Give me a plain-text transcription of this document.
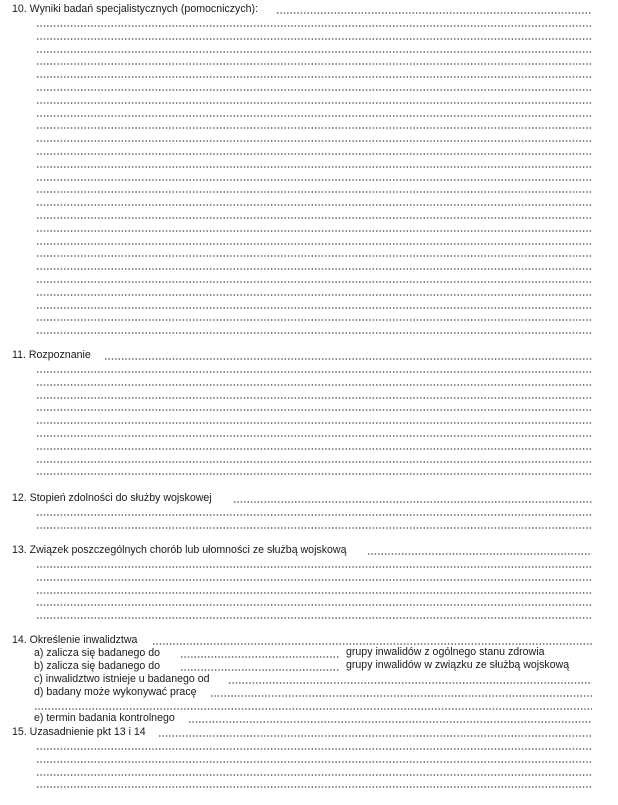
10. Wyniki badań specjalistycznych (pomocniczych):
11. Rozpoznanie
12. Stopień zdolności do służby wojskowej
13. Związek poszczególnych chorób lub ułomności ze służbą wojskową
14. Określenie inwalidztwa
a) zalicza się badanego do	grupy inwalidów z ogólnego stanu zdrowia
b) zalicza się badanego do	grupy inwalidów w związku ze służbą wojskową
c) inwalidztwo istnieje u badanego od
d) badany może wykonywać pracę
e) termin badania kontrolnego
15. Uzasadnienie pkt 13 i 14
